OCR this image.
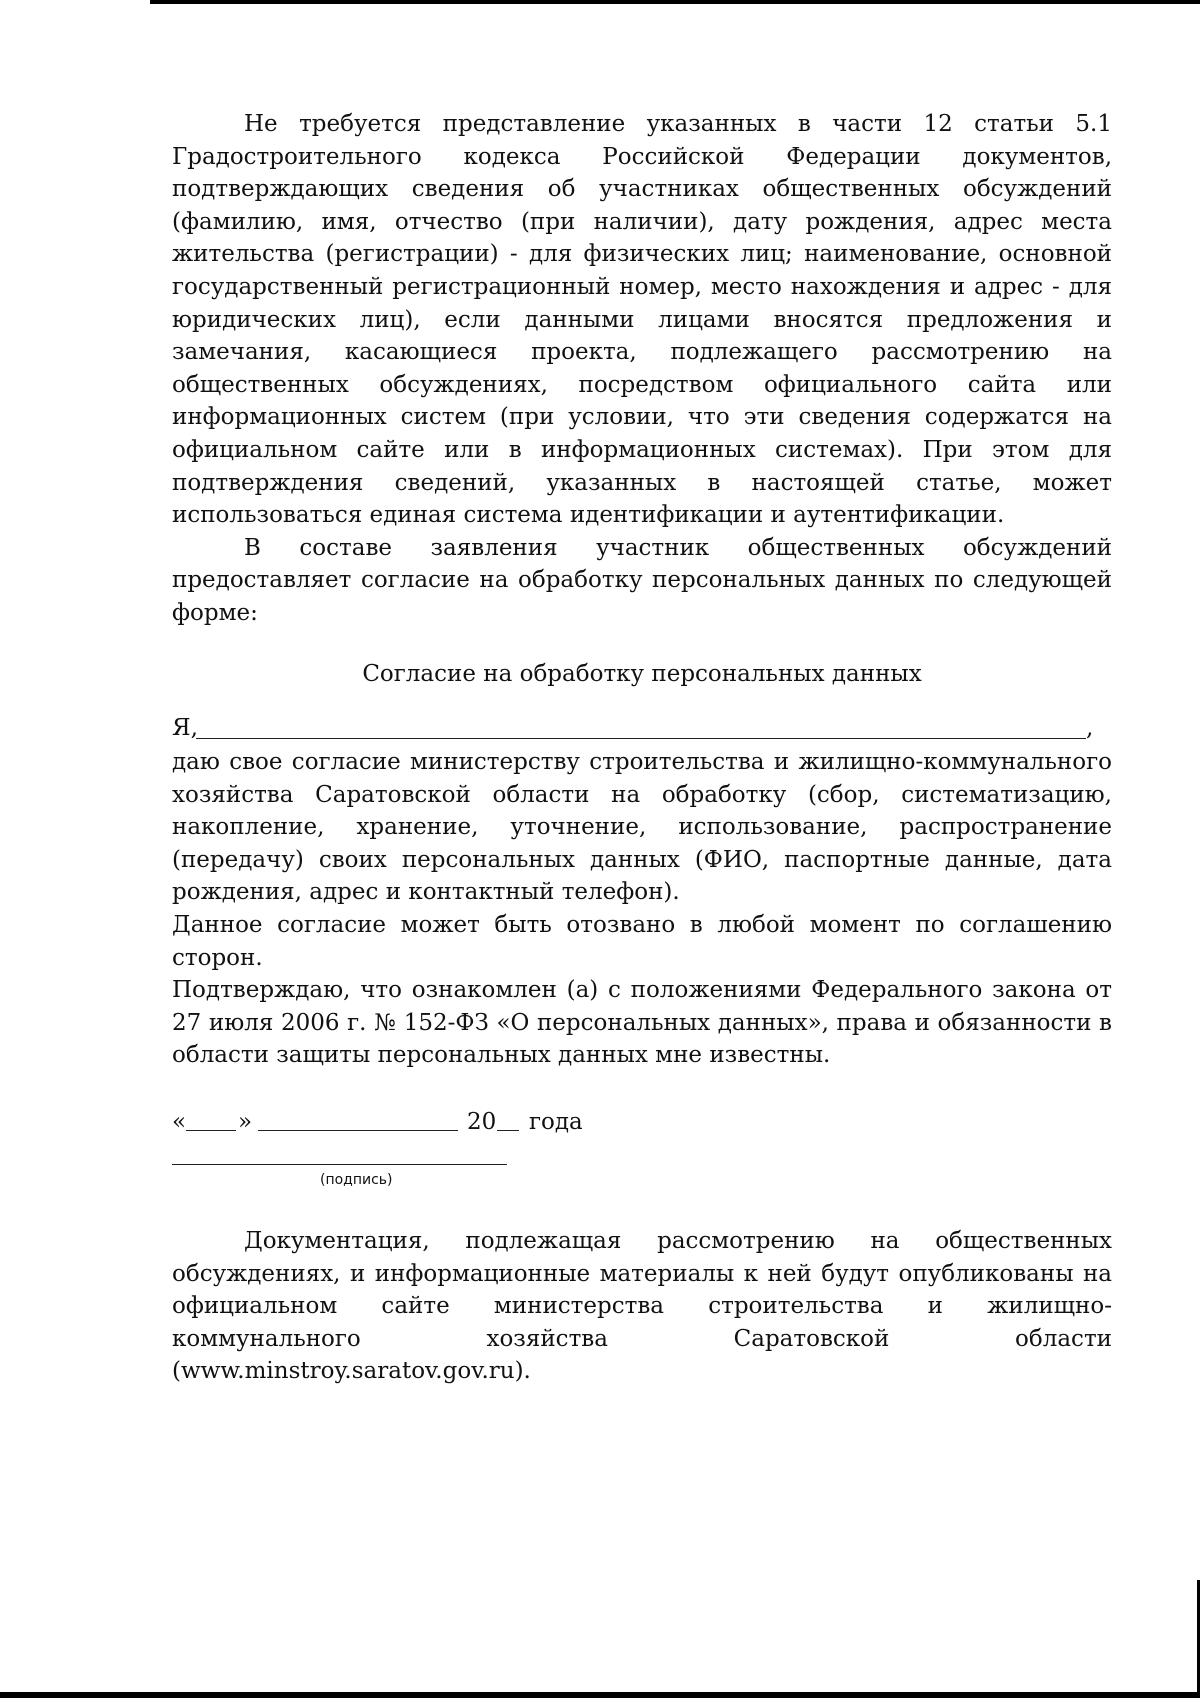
Не требуется представление указанных в части 12 статьи 5.1 Градостроительного кодекса Российской Федерации документов, подтверждающих сведения об участниках общественных обсуждений (фамилию, имя, отчество (при наличии), дату рождения, адрес места жительства (регистрации) - для физических лиц; наименование, основной государственный регистрационный номер, место нахождения и адрес - для юридических лиц), если данными лицами вносятся предложения и замечания, касающиеся проекта, подлежащего рассмотрению на общественных обсуждениях, посредством официального сайта или информационных систем (при условии, что эти сведения содержатся на официальном сайте или в информационных системах). При этом для подтверждения сведений, указанных в настоящей статье, может использоваться единая система идентификации и аутентификации.

В составе заявления участник общественных обсуждений предоставляет согласие на обработку персональных данных по следующей форме:

Согласие на обработку персональных данных

Я,	,

даю свое согласие министерству строительства и жилищно-коммунального хозяйства Саратовской области на обработку (сбор, систематизацию, накопление, хранение, уточнение, использование, распространение (передачу) своих персональных данных (ФИО, паспортные данные, дата рождения, адрес и контактный телефон).

Данное согласие может быть отозвано в любой момент по соглашению сторон.

Подтверждаю, что ознакомлен (а) с положениями Федерального закона от 27 июля 2006 г. № 152-ФЗ «О персональных данных», права и обязанности в области защиты персональных данных мне известны.

« »	20 года
(подпись)

Документация, подлежащая рассмотрению на общественных обсуждениях, и информационные материалы к ней будут опубликованы на официальном сайте министерства строительства и жилищно-коммунального хозяйства Саратовской области (www.minstroy.saratov.gov.ru).
